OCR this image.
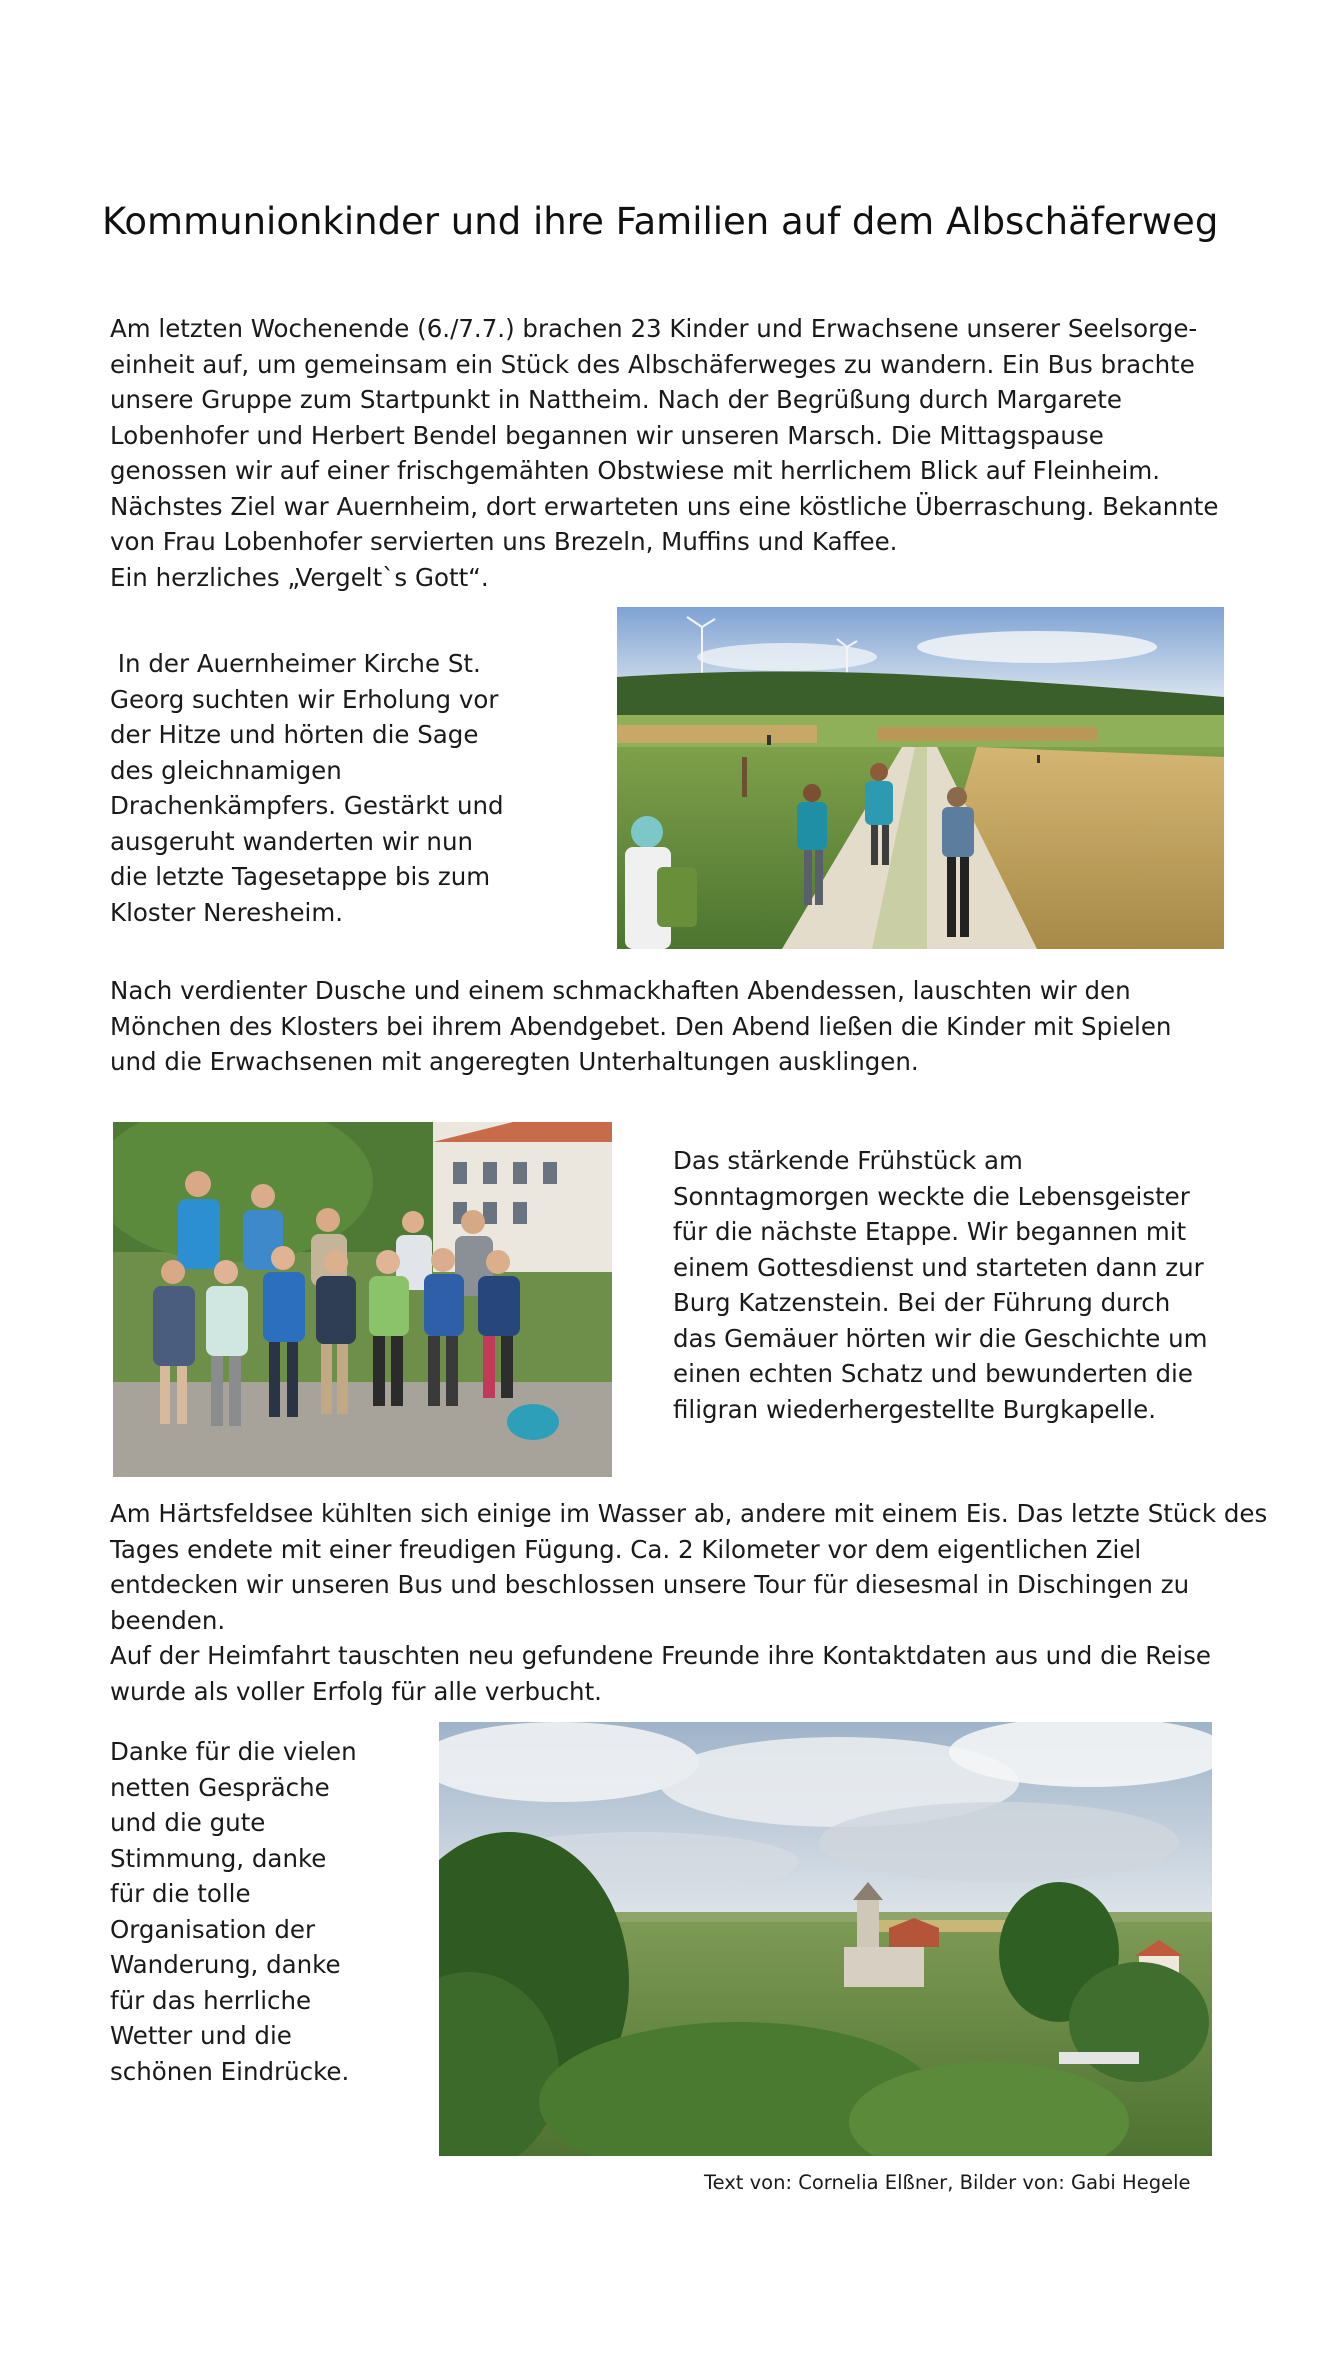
Kommunionkinder und ihre Familien auf dem Albschäferweg
Am letzten Wochenende (6./7.7.) brachen 23 Kinder und Erwachsene unserer Seelsorge-
einheit auf, um gemeinsam ein Stück des Albschäferweges zu wandern. Ein Bus brachte
unsere Gruppe zum Startpunkt in Nattheim. Nach der Begrüßung durch Margarete
Lobenhofer und Herbert Bendel begannen wir unseren Marsch. Die Mittagspause
genossen wir auf einer frischgemähten Obstwiese mit herrlichem Blick auf Fleinheim.
Nächstes Ziel war Auernheim, dort erwarteten uns eine köstliche Überraschung. Bekannte
von Frau Lobenhofer servierten uns Brezeln, Muffins und Kaffee.
Ein herzliches „Vergelt`s Gott“.
In der Auernheimer Kirche St.
Georg suchten wir Erholung vor
der Hitze und hörten die Sage
des gleichnamigen
Drachenkämpfers. Gestärkt und
ausgeruht wanderten wir nun
die letzte Tagesetappe bis zum
Kloster Neresheim.
Nach verdienter Dusche und einem schmackhaften Abendessen, lauschten wir den
Mönchen des Klosters bei ihrem Abendgebet. Den Abend ließen die Kinder mit Spielen
und die Erwachsenen mit angeregten Unterhaltungen ausklingen.
Das stärkende Frühstück am
Sonntagmorgen weckte die Lebensgeister
für die nächste Etappe. Wir begannen mit
einem Gottesdienst und starteten dann zur
Burg Katzenstein. Bei der Führung durch
das Gemäuer hörten wir die Geschichte um
einen echten Schatz und bewunderten die
filigran wiederhergestellte Burgkapelle.
Am Härtsfeldsee kühlten sich einige im Wasser ab, andere mit einem Eis. Das letzte Stück des
Tages endete mit einer freudigen Fügung. Ca. 2 Kilometer vor dem eigentlichen Ziel
entdecken wir unseren Bus und beschlossen unsere Tour für diesesmal in Dischingen zu
beenden.
Auf der Heimfahrt tauschten neu gefundene Freunde ihre Kontaktdaten aus und die Reise
wurde als voller Erfolg für alle verbucht.
Danke für die vielen
netten Gespräche
und die gute
Stimmung, danke
für die tolle
Organisation der
Wanderung, danke
für das herrliche
Wetter und die
schönen Eindrücke.
Text von: Cornelia Elßner, Bilder von: Gabi Hegele
